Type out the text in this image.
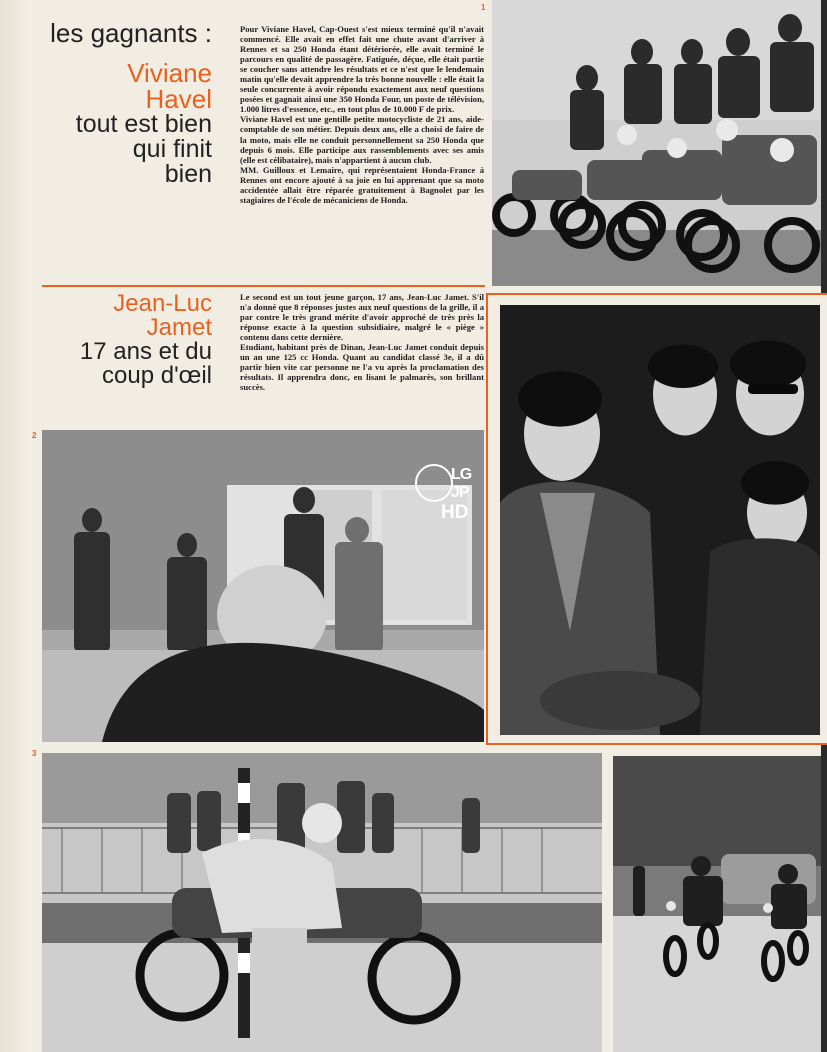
1
2
3
les gagnants :
Viviane
Havel
tout est bien
qui finit
bien

Pour Viviane Havel, Cap-Ouest s'est mieux terminé qu'il n'avait commencé. Elle avait en effet fait une chute avant d'arriver à Rennes et sa 250 Honda étant détériorée, elle avait terminé le parcours en qualité de passagère. Fatiguée, déçue, elle était partie se coucher sans attendre les résultats et ce n'est que le lendemain matin qu'elle devait apprendre la très bonne nouvelle : elle était la seule concurrente à avoir répondu exactement aux neuf questions posées et gagnait ainsi une 350 Honda Four, un poste de télévision, 1.000 litres d'essence, etc., en tout plus de 10.000 F de prix.

Viviane Havel est une gentille petite motocycliste de 21 ans, aide-comptable de son métier. Depuis deux ans, elle a choisi de faire de la moto, mais elle ne conduit personnellement sa 250 Honda que depuis 6 mois. Elle participe aux rassemblements avec ses amis (elle est célibataire), mais n'appartient à aucun club.

MM. Guilloux et Lemaire, qui représentaient Honda-France à Rennes ont encore ajouté à sa joie en lui apprenant que sa moto accidentée allait être réparée gratuitement à Bagnolet par les stagiaires de l'école de mécaniciens de Honda.

Jean-Luc
Jamet
17 ans et du
coup d'œil

Le second est un tout jeune garçon, 17 ans, Jean-Luc Jamet. S'il n'a donné que 8 réponses justes aux neuf questions de la grille, il a par contre le très grand mérite d'avoir approché de très près la réponse exacte à la question subsidiaire, malgré le « piège » contenu dans cette dernière.

Etudiant, habitant près de Dinan, Jean-Luc Jamet conduit depuis un an une 125 cc Honda. Quant au candidat classé 3e, il a dû partir bien vite car personne ne l'a vu après la proclamation des résultats. Il apprendra donc, en lisant le palmarès, son brillant succès.

LG
JP
HD
